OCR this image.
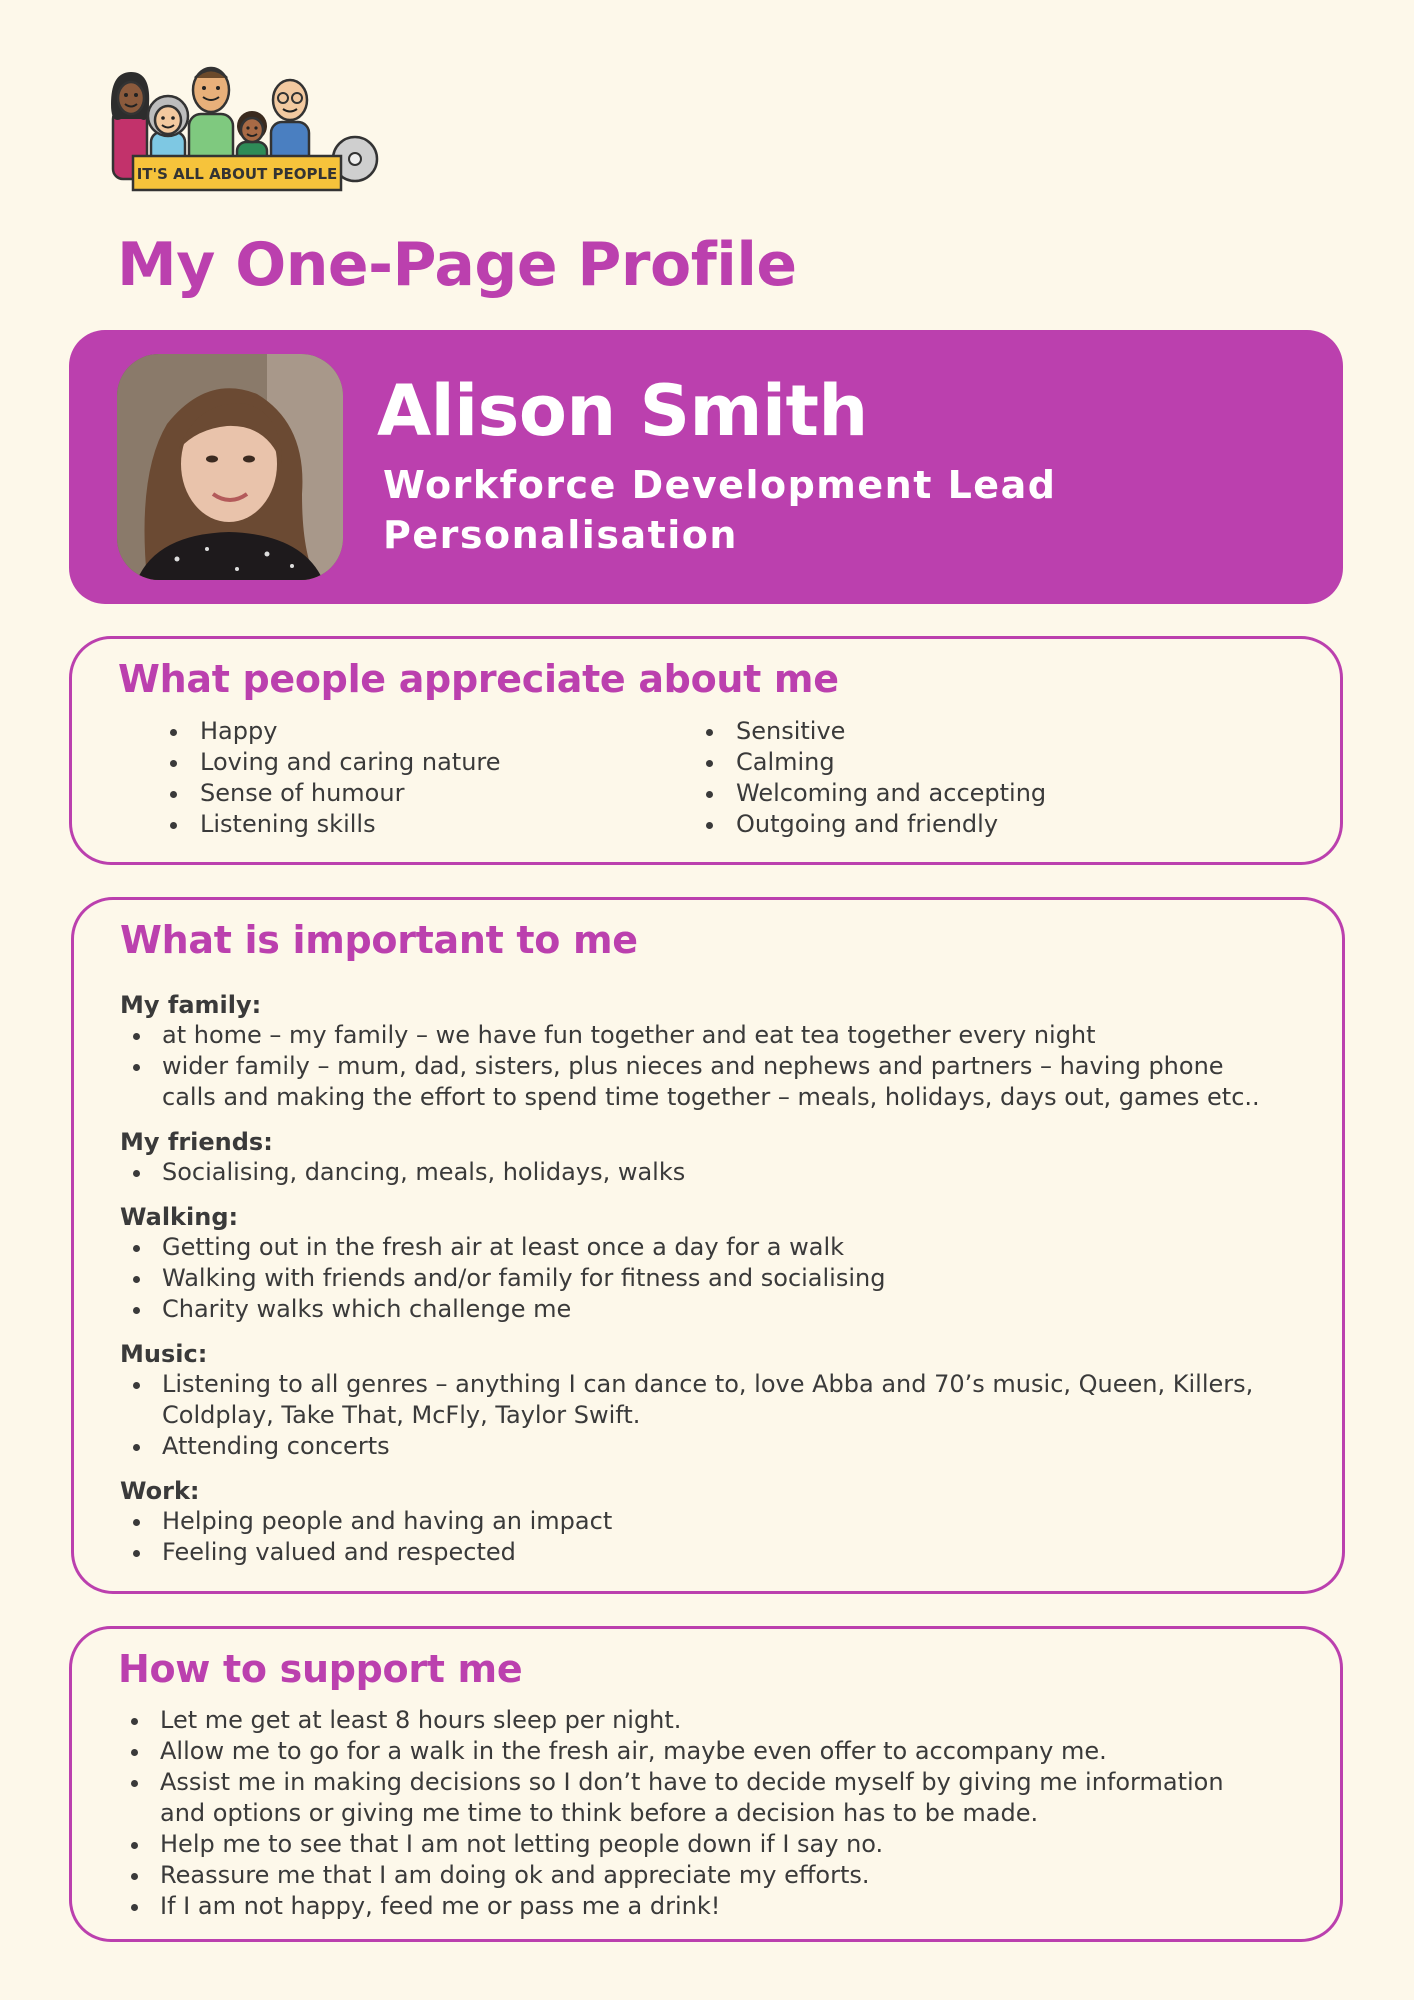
IT'S ALL ABOUT PEOPLE
My One-Page Profile
Alison Smith

Workforce Development Lead
Personalisation

What people appreciate about me
Happy
Loving and caring nature
Sense of humour
Listening skills
Sensitive
Calming
Welcoming and accepting
Outgoing and friendly
What is important to me

My family:

at home – my family – we have fun together and eat tea together every night
wider family – mum, dad, sisters, plus nieces and nephews and partners – having phone calls and making the effort to spend time together – meals, holidays, days out, games etc..

My friends:

Socialising, dancing, meals, holidays, walks

Walking:

Getting out in the fresh air at least once a day for a walk
Walking with friends and/or family for fitness and socialising
Charity walks which challenge me

Music:

Listening to all genres – anything I can dance to, love Abba and 70’s music, Queen, Killers, Coldplay, Take That, McFly, Taylor Swift.
Attending concerts

Work:

Helping people and having an impact
Feeling valued and respected
How to support me
Let me get at least 8 hours sleep per night.
Allow me to go for a walk in the fresh air, maybe even offer to accompany me.
Assist me in making decisions so I don’t have to decide myself by giving me information and options or giving me time to think before a decision has to be made.
Help me to see that I am not letting people down if I say no.
Reassure me that I am doing ok and appreciate my efforts.
If I am not happy, feed me or pass me a drink!
